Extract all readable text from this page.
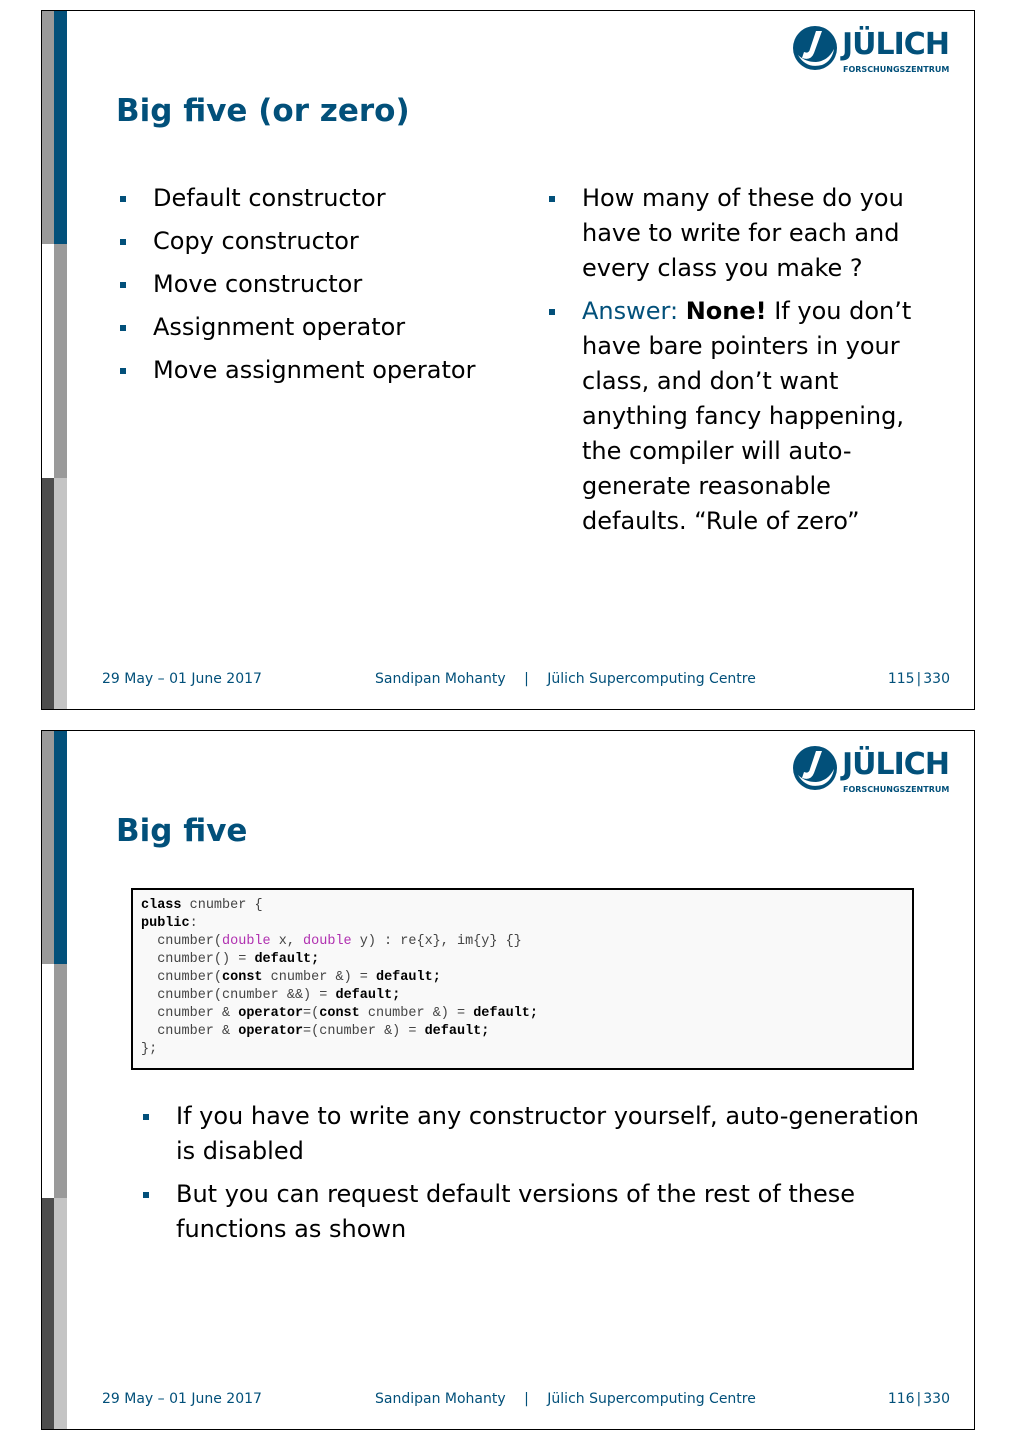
JÜLICH
FORSCHUNGSZENTRUM
Big five (or zero)
Default constructor
Copy constructor
Move constructor
Assignment operator
Move assignment operator
How many of these do you have to write for each and every class you make ?
Answer: None! If you don’t have bare pointers in your class, and don’t want anything fancy happening, the compiler will auto-generate reasonable defaults. “Rule of zero”
29 May – 01 June 2017	Sandipan Mohanty | Jülich Supercomputing Centre	115 | 330
JÜLICH
FORSCHUNGSZENTRUM
Big five
class cnumber {
public:
cnumber(double x, double y) : re{x}, im{y} {}
cnumber() = default;
cnumber(const cnumber &) = default;
cnumber(cnumber &&) = default;
cnumber & operator=(const cnumber &) = default;
cnumber & operator=(cnumber &) = default;
};
If you have to write any constructor yourself, auto-generation is disabled
But you can request default versions of the rest of these functions as shown
29 May – 01 June 2017	Sandipan Mohanty | Jülich Supercomputing Centre	116 | 330
